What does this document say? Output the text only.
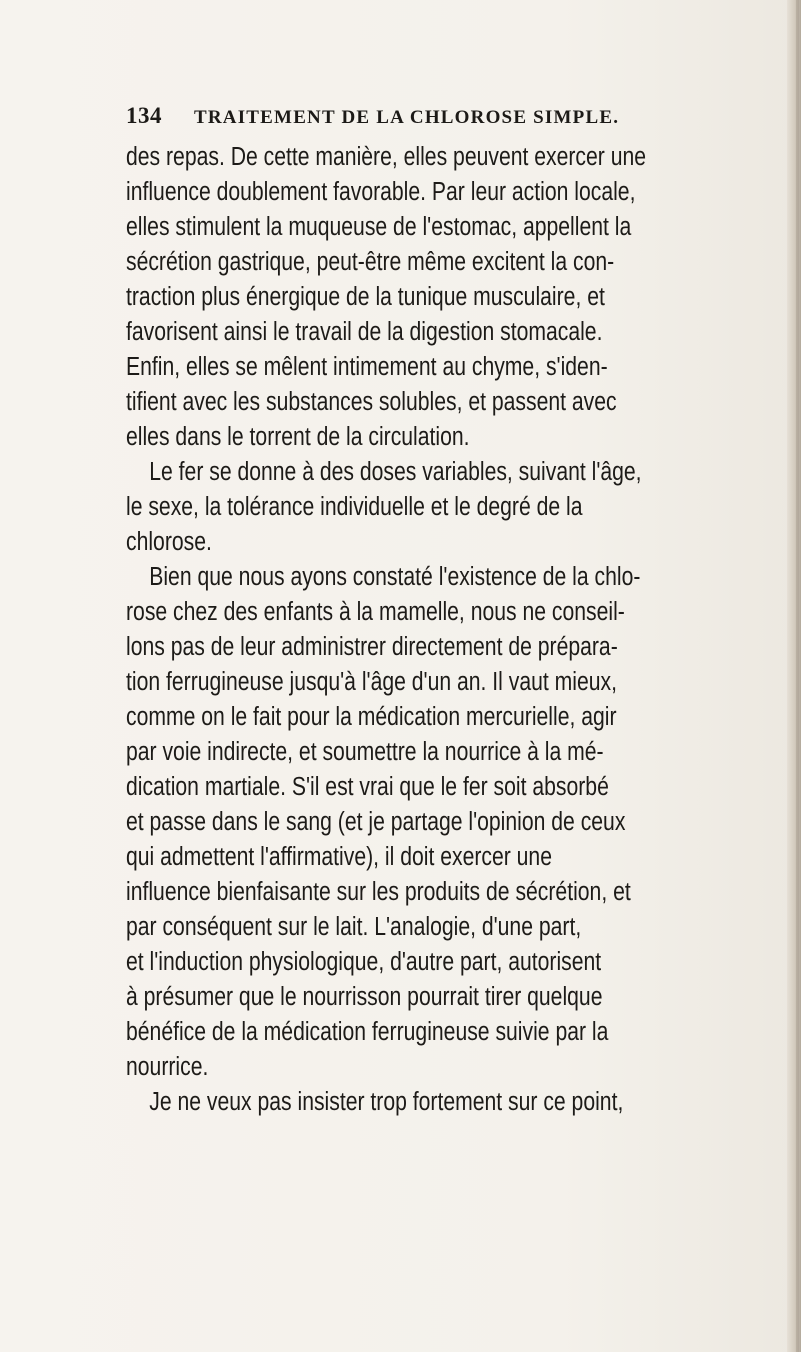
134 TRAITEMENT DE LA CHLOROSE SIMPLE.
des repas. De cette manière, elles peuvent exercer une
influence doublement favorable. Par leur action locale,
elles stimulent la muqueuse de l'estomac, appellent la
sécrétion gastrique, peut-être même excitent la con-
traction plus énergique de la tunique musculaire, et
favorisent ainsi le travail de la digestion stomacale.
Enfin, elles se mêlent intimement au chyme, s'iden-
tifient avec les substances solubles, et passent avec
elles dans le torrent de la circulation.
Le fer se donne à des doses variables, suivant l'âge,
le sexe, la tolérance individuelle et le degré de la
chlorose.
Bien que nous ayons constaté l'existence de la chlo-
rose chez des enfants à la mamelle, nous ne conseil-
lons pas de leur administrer directement de prépara-
tion ferrugineuse jusqu'à l'âge d'un an. Il vaut mieux,
comme on le fait pour la médication mercurielle, agir
par voie indirecte, et soumettre la nourrice à la mé-
dication martiale. S'il est vrai que le fer soit absorbé
et passe dans le sang (et je partage l'opinion de ceux
qui admettent l'affirmative), il doit exercer une
influence bienfaisante sur les produits de sécrétion, et
par conséquent sur le lait. L'analogie, d'une part,
et l'induction physiologique, d'autre part, autorisent
à présumer que le nourrisson pourrait tirer quelque
bénéfice de la médication ferrugineuse suivie par la
nourrice.
Je ne veux pas insister trop fortement sur ce point,
